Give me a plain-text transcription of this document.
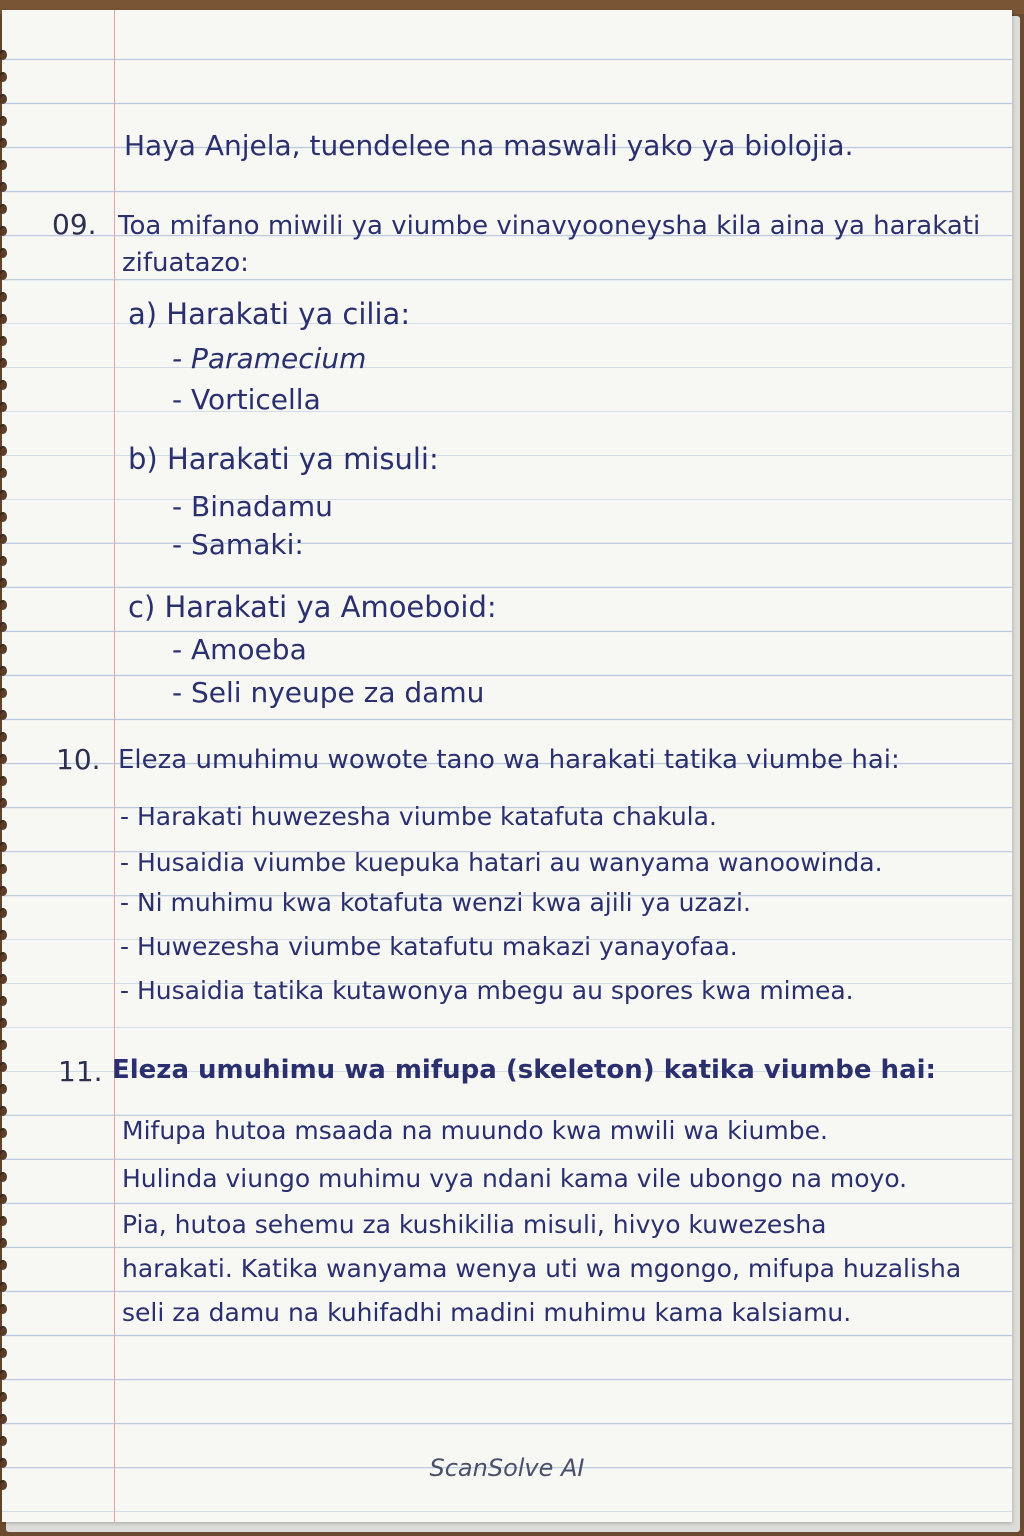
Haya Anjela, tuendelee na maswali yako ya biolojia.

09. Toa mifano miwili ya viumbe vinavyooneysha kila aina ya harakati

zifuatazo:

a) Harakati ya cilia:

- Paramecium

- Vorticella

b) Harakati ya misuli:

- Binadamu

- Samaki:

c) Harakati ya Amoeboid:

- Amoeba

- Seli nyeupe za damu

10. Eleza umuhimu wowote tano wa harakati tatika viumbe hai:

- Harakati huwezesha viumbe katafuta chakula.

- Husaidia viumbe kuepuka hatari au wanyama wanoowinda.

- Ni muhimu kwa kotafuta wenzi kwa ajili ya uzazi.

- Huwezesha viumbe katafutu makazi yanayofaa.

- Husaidia tatika kutawonya mbegu au spores kwa mimea.

11. Eleza umuhimu wa mifupa (skeleton) katika viumbe hai:

Mifupa hutoa msaada na muundo kwa mwili wa kiumbe.

Hulinda viungo muhimu vya ndani kama vile ubongo na moyo.

Pia, hutoa sehemu za kushikilia misuli, hivyo kuwezesha

harakati. Katika wanyama wenya uti wa mgongo, mifupa huzalisha

seli za damu na kuhifadhi madini muhimu kama kalsiamu.

ScanSolve AI
